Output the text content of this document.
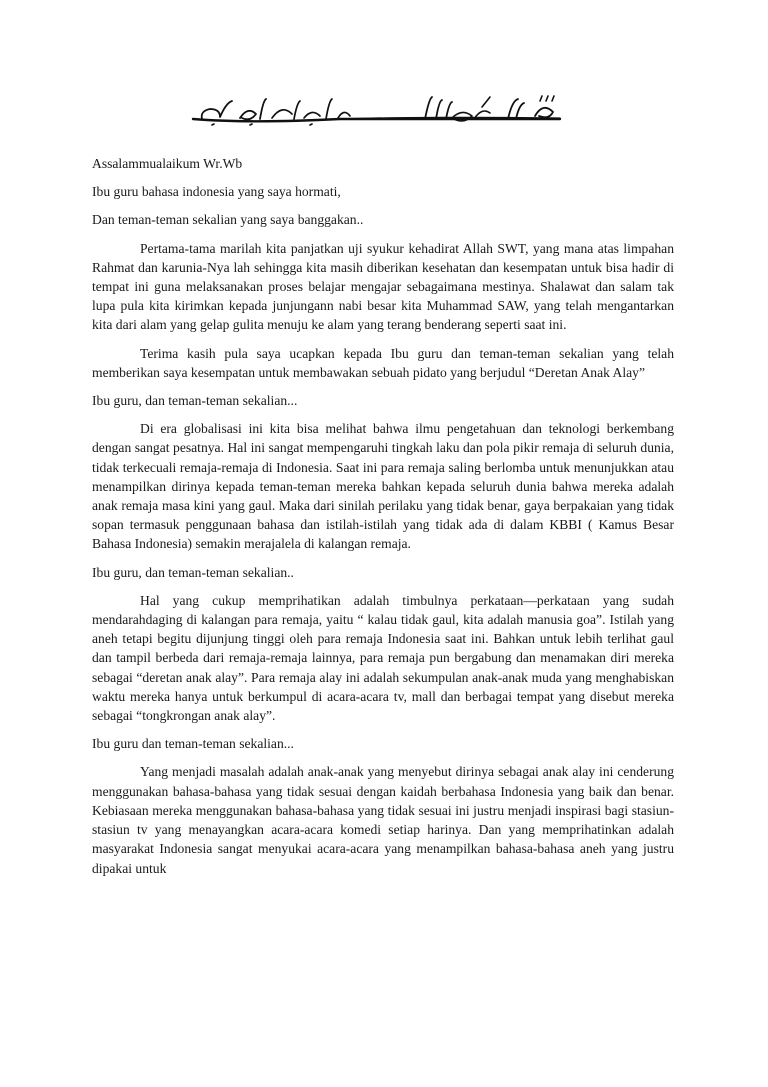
Assalammualaikum Wr.Wb

Ibu guru bahasa indonesia yang saya hormati,

Dan teman-teman sekalian yang saya banggakan..

Pertama-tama marilah kita panjatkan uji syukur kehadirat Allah SWT, yang mana atas limpahan Rahmat dan karunia-Nya lah sehingga kita masih diberikan kesehatan dan kesempatan untuk bisa hadir di tempat ini guna melaksanakan proses belajar mengajar sebagaimana mestinya. Shalawat dan salam tak lupa pula kita kirimkan kepada junjungann nabi besar kita Muhammad SAW, yang telah mengantarkan kita dari alam yang gelap gulita menuju ke alam yang terang benderang seperti saat ini.

Terima kasih pula saya ucapkan kepada Ibu guru dan teman-teman sekalian yang telah memberikan saya kesempatan untuk membawakan sebuah pidato yang berjudul “Deretan Anak Alay”

Ibu guru, dan teman-teman sekalian...

Di era globalisasi ini kita bisa melihat bahwa ilmu pengetahuan dan teknologi berkembang dengan sangat pesatnya. Hal ini sangat mempengaruhi tingkah laku dan pola pikir remaja di seluruh dunia, tidak terkecuali remaja-remaja di Indonesia. Saat ini para remaja saling berlomba untuk menunjukkan atau menampilkan dirinya kepada teman-teman mereka bahkan kepada seluruh dunia bahwa mereka adalah anak remaja masa kini yang gaul. Maka dari sinilah perilaku yang tidak benar, gaya berpakaian yang tidak sopan termasuk penggunaan bahasa dan istilah-istilah yang tidak ada di dalam KBBI ( Kamus Besar Bahasa Indonesia) semakin merajalela di kalangan remaja.

Ibu guru, dan teman-teman sekalian..

Hal yang cukup memprihatikan adalah timbulnya perkataan—perkataan yang sudah mendarahdaging di kalangan para remaja, yaitu “ kalau tidak gaul, kita adalah manusia goa”. Istilah yang aneh tetapi begitu dijunjung tinggi oleh para remaja Indonesia saat ini. Bahkan untuk lebih terlihat gaul dan tampil berbeda dari remaja-remaja lainnya, para remaja pun bergabung dan menamakan diri mereka sebagai “deretan anak alay”. Para remaja alay ini adalah sekumpulan anak-anak muda yang menghabiskan waktu mereka hanya untuk berkumpul di acara-acara tv, mall dan berbagai tempat yang disebut mereka sebagai “tongkrongan anak alay”.

Ibu guru dan teman-teman sekalian...

Yang menjadi masalah adalah anak-anak yang menyebut dirinya sebagai anak alay ini cenderung menggunakan bahasa-bahasa yang tidak sesuai dengan kaidah berbahasa Indonesia yang baik dan benar. Kebiasaan mereka menggunakan bahasa-bahasa yang tidak sesuai ini justru menjadi inspirasi bagi stasiun-stasiun tv yang menayangkan acara-acara komedi setiap harinya. Dan yang memprihatinkan adalah masyarakat Indonesia sangat menyukai acara-acara yang menampilkan bahasa-bahasa aneh yang justru dipakai untuk
